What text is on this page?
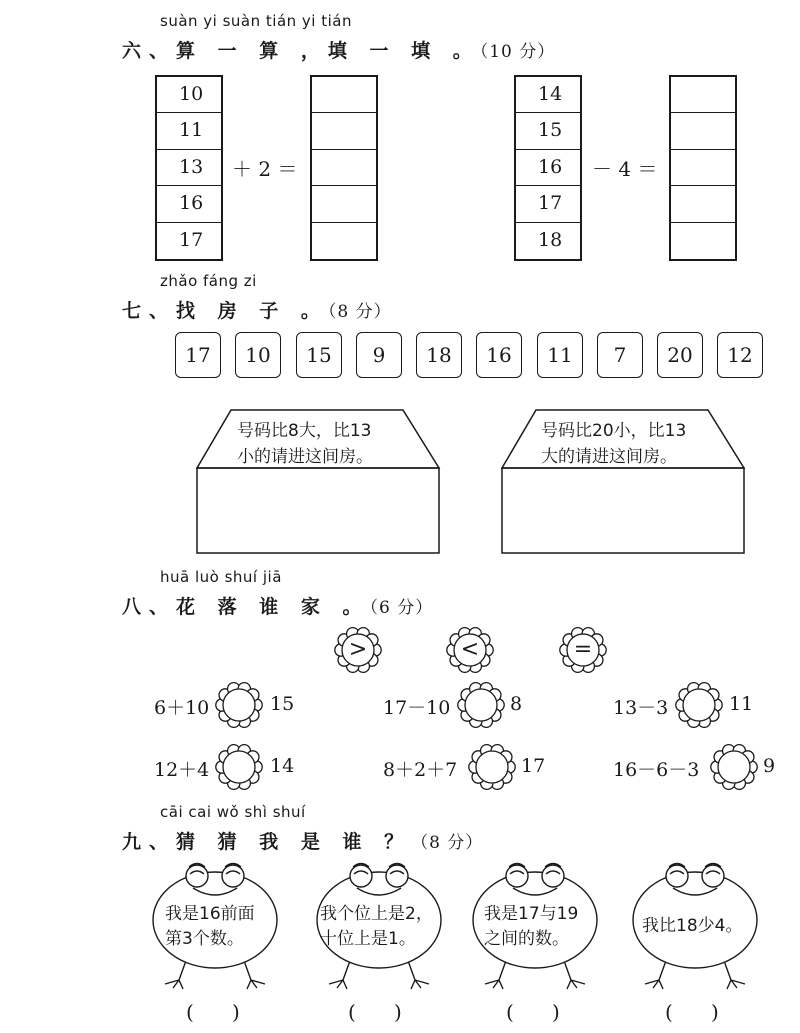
suàn yi suàn tián yi tián
六、算 一 算 ，填 一 填 。（10 分）
10
11
13
16
17
＋ 2 ＝
14
15
16
17
18
－ 4 ＝
zhǎo fáng zi
七、找 房 子 。（8 分）
17	10	15	9	18	16	11	7	20	12
号码比8大，比13
小的请进这间房。
号码比20小，比13
大的请进这间房。
huā luò shuí jiā
八、花 落 谁 家 。（6 分）
>	<	=
6＋10	15	17－10	8	13－3	11
12＋4	14	8＋2＋7	17	16－6－3	9
cāi cai wǒ shì shuí
九、猜 猜 我 是 谁 ？（8 分）
我是16前面
第3个数。
我个位上是2，
十位上是1。
我是17与19
之间的数。
我比18少4。
(      )	(      )	(      )	(      )
